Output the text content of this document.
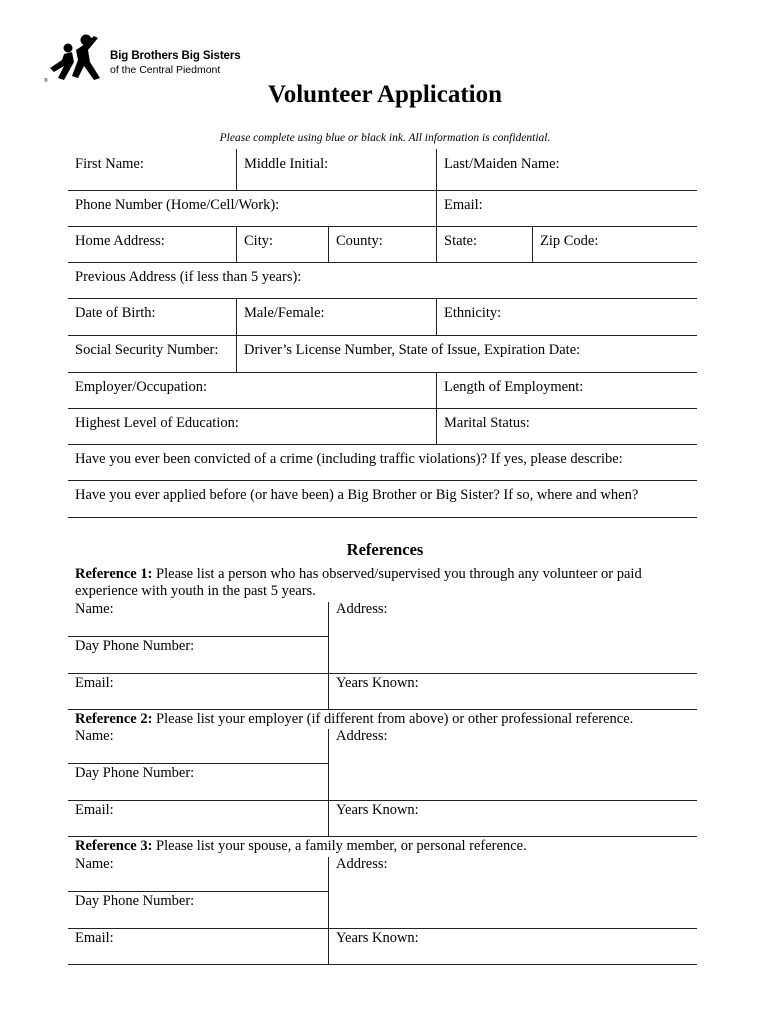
®
Big Brothers Big Sisters
of the Central Piedmont
Volunteer Application
Please complete using blue or black ink. All information is confidential.
First Name:	Middle Initial:	Last/Maiden Name:
Phone Number (Home/Cell/Work):	Email:
Home Address:	City:	County:	State:	Zip Code:
Previous Address (if less than 5 years):
Date of Birth:	Male/Female:	Ethnicity:
Social Security Number: Driver’s License Number, State of Issue, Expiration Date:
Employer/Occupation:	Length of Employment:
Highest Level of Education:	Marital Status:
Have you ever been convicted of a crime (including traffic violations)? If yes, please describe:
Have you ever applied before (or have been) a Big Brother or Big Sister? If so, where and when?
References
Reference 1: Please list a person who has observed/supervised you through any volunteer or paid experience with youth in the past 5 years.
Name:	Address:
Day Phone Number:
Email:	Years Known:
Reference 2: Please list your employer (if different from above) or other professional reference.
Name:	Address:
Day Phone Number:
Email:	Years Known:
Reference 3: Please list your spouse, a family member, or personal reference.
Name:	Address:
Day Phone Number:
Email:	Years Known:
